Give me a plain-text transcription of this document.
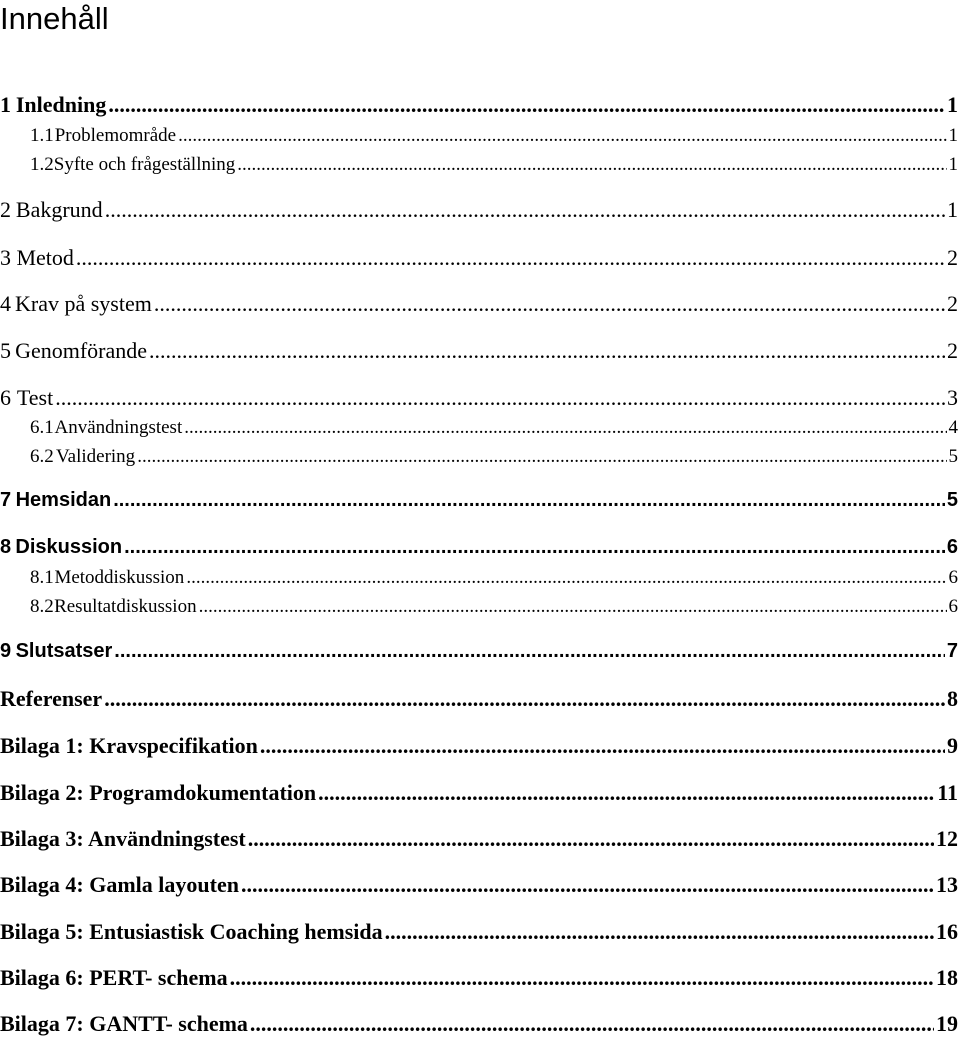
Innehåll
1 Inledning .....	1
1.1 Problemområde .....	1
1.2 Syfte och frågeställning .....	1
2 Bakgrund .....	1
3 Metod .....	2
4 Krav på system .....	2
5 Genomförande .....	2
6 Test .....	3
6.1 Användningstest .....	4
6.2 Validering .....	5
7 Hemsidan .....	5
8 Diskussion .....	6
8.1 Metoddiskussion .....	6
8.2 Resultatdiskussion .....	6
9 Slutsatser .....	7
Referenser .....	8
Bilaga 1: Kravspecifikation .....	9
Bilaga 2: Programdokumentation .....	11
Bilaga 3: Användningstest .....	12
Bilaga 4: Gamla layouten .....	13
Bilaga 5: Entusiastisk Coaching hemsida .....	16
Bilaga 6: PERT- schema .....	18
Bilaga 7: GANTT- schema .....	19
